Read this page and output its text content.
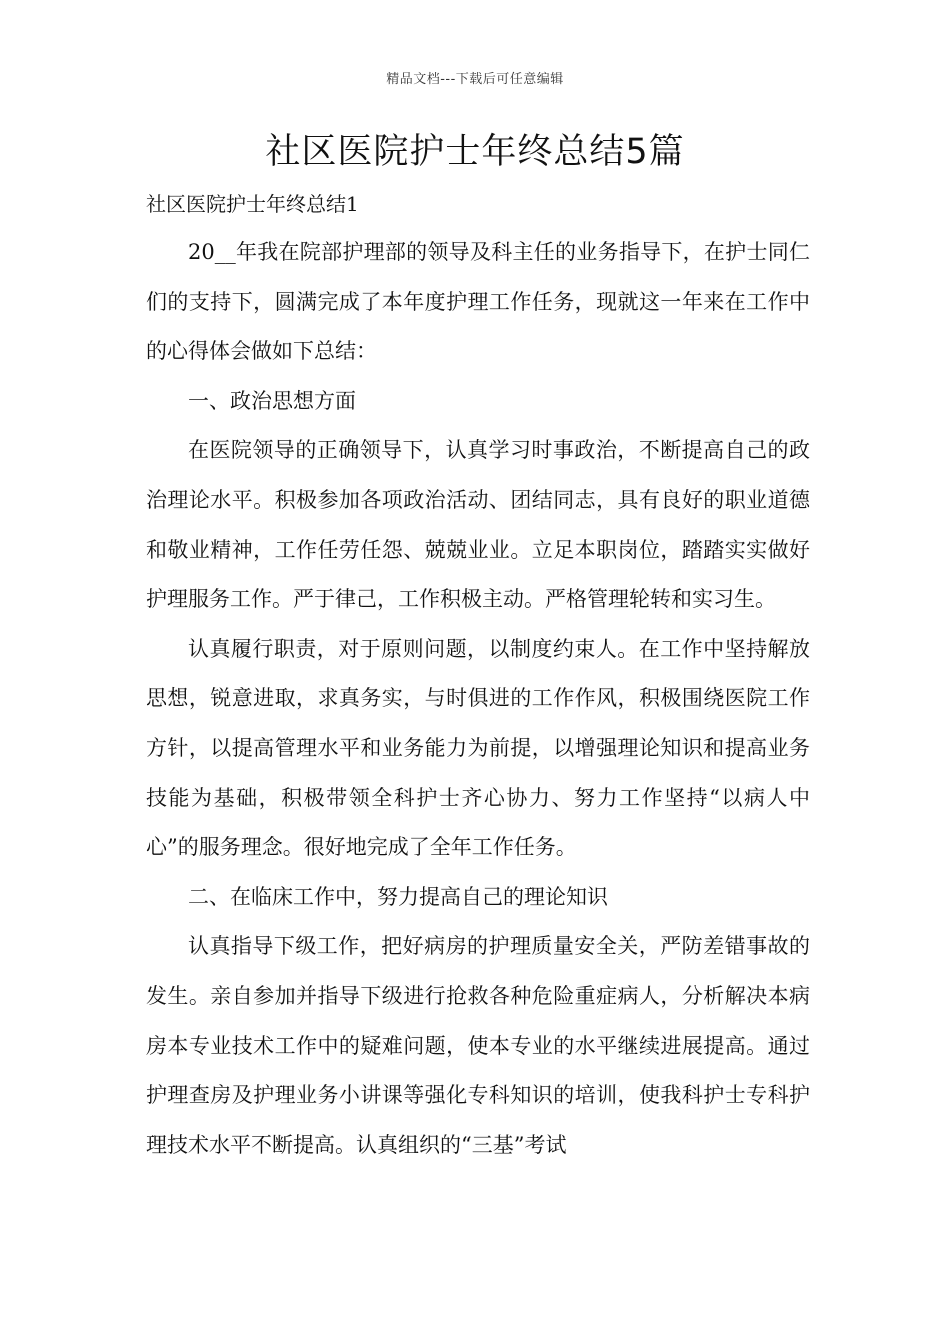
精品文档---下载后可任意编辑
社区医院护士年终总结5篇
社区医院护士年终总结1

20__年我在院部护理部的领导及科主任的业务指导下，在护士同仁们的支持下，圆满完成了本年度护理工作任务，现就这一年来在工作中的心得体会做如下总结：

一、政治思想方面

在医院领导的正确领导下，认真学习时事政治，不断提高自己的政治理论水平。积极参加各项政治活动、团结同志，具有良好的职业道德和敬业精神，工作任劳任怨、兢兢业业。立足本职岗位，踏踏实实做好护理服务工作。严于律己，工作积极主动。严格管理轮转和实习生。

认真履行职责，对于原则问题，以制度约束人。在工作中坚持解放思想，锐意进取，求真务实，与时俱进的工作作风，积极围绕医院工作方针，以提高管理水平和业务能力为前提，以增强理论知识和提高业务技能为基础，积极带领全科护士齐心协力、努力工作坚持“以病人中心”的服务理念。很好地完成了全年工作任务。

二、在临床工作中，努力提高自己的理论知识

认真指导下级工作，把好病房的护理质量安全关，严防差错事故的发生。亲自参加并指导下级进行抢救各种危险重症病人，分析解决本病房本专业技术工作中的疑难问题，使本专业的水平继续进展提高。通过护理查房及护理业务小讲课等强化专科知识的培训，使我科护士专科护理技术水平不断提高。认真组织的“三基”考试
